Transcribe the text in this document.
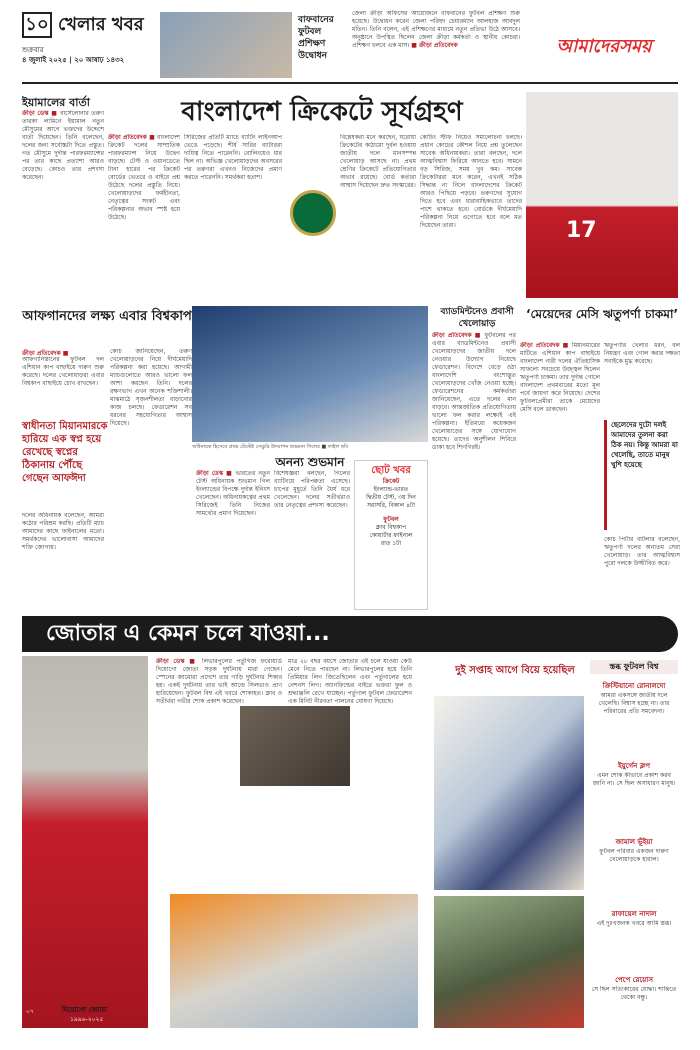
১০ খেলার খবর
শুক্রবার
৪ জুলাই ২০২৫ | ২০ আষাঢ় ১৪৩২
বাফবানের ফুটবল প্রশিক্ষণ উদ্বোধন
জেলা ক্রীড়া অফিসের আয়োজনে বাফবানের ফুটবল প্রশিক্ষণ শুরু হয়েছে। উদ্বোধন করেন জেলা পরিষদ চেয়ারম্যান আলহাজ আবদুল মতিন। তিনি বলেন, এই প্রশিক্ষণের মাধ্যমে নতুন প্রতিভা উঠে আসবে। অনুষ্ঠানে উপস্থিত ছিলেন জেলা ক্রীড়া কর্মকর্তা ও স্থানীয় কোচরা। প্রশিক্ষণ চলবে এক মাস। ■ ক্রীড়া প্রতিবেদক	আমাদেরসময়
ইয়ামালের বার্তা
ক্রীড়া ডেস্ক ■ বার্সেলোনার তরুণ তারকা লামিনে ইয়ামাল নতুন মৌসুমের আগে ভক্তদের উদ্দেশে বার্তা দিয়েছেন। তিনি বলেছেন, দলের জন্য সর্বোচ্চটা দিতে প্রস্তুত। গত মৌসুমে দুর্দান্ত পারফরম্যান্সের পর তার কাছে প্রত্যাশা আরও বেড়েছে। কোচও তার প্রশংসা করেছেন।
বাংলাদেশ ক্রিকেটে সূর্যগ্রহণ
ক্রীড়া প্রতিবেদক ■ বাংলাদেশ ক্রিকেট দলের সাম্প্রতিক পারফরম্যান্স নিয়ে উদ্বেগ বাড়ছে। টেস্ট ও ওয়ানডেতে টানা হারের পর ক্রিকেট বোর্ডের ভেতরে ও বাইরে প্রশ্ন উঠেছে দলের প্রস্তুতি নিয়ে। খেলোয়াড়দের ফর্মহীনতা, নেতৃত্বের সংকট এবং পরিকল্পনার অভাব স্পষ্ট হয়ে উঠেছে।
সিরিজের প্রতিটি ম্যাচে ব্যাটিং লাইনআপ ভেঙে পড়েছে। শীর্ষ সারির ব্যাটাররা দায়িত্ব নিতে পারেননি। বোলিংয়েও ধার ছিল না। অভিজ্ঞ খেলোয়াড়দের অবসরের পর তরুণরা এখনও নিজেদের প্রমাণ করতে পারেননি। সমর্থকরা হতাশ।
বিশ্লেষকরা মনে করছেন, ঘরোয়া ক্রিকেটের কাঠামো দুর্বল হওয়ায় জাতীয় দলে মানসম্পন্ন খেলোয়াড় আসছে না। প্রথম শ্রেণির ক্রিকেটে প্রতিযোগিতার অভাব রয়েছে। বোর্ড কর্তারা আশ্বাস দিয়েছেন দ্রুত সংস্কারের।
কোচিং স্টাফ নিয়েও সমালোচনা চলছে। প্রধান কোচের কৌশল নিয়ে প্রশ্ন তুলেছেন সাবেক অধিনায়করা। তারা বলছেন, দলে আত্মবিশ্বাস ফিরিয়ে আনতে হবে। সামনে বড় সিরিজ, সময় খুব কম। সাবেক ক্রিকেটাররা মনে করেন, এখনই সঠিক সিদ্ধান্ত না নিলে বাংলাদেশের ক্রিকেট আরও পিছিয়ে পড়বে। তরুণদের সুযোগ দিতে হবে এবং ধারাবাহিকভাবে তাদের পাশে থাকতে হবে। বোর্ডকে দীর্ঘমেয়াদি পরিকল্পনা নিয়ে এগোতে হবে বলে মত দিয়েছেন তারা।	17
আফগানদের লক্ষ্য এবার বিশ্বকাপ
ক্রীড়া প্রতিবেদক ■
আফগানিস্তানের ফুটবল দল এশিয়ান কাপ বাছাইয়ে দারুণ শুরু করেছে। দলের খেলোয়াড়রা এবার বিশ্বকাপ বাছাইয়ে চোখ রাখছেন।
স্বাধীনতা মিয়ানমারকে হারিয়ে এক স্বপ্ন হয়ে রেখেছে স্বপ্নের ঠিকানায় পৌঁছে গেছেন আফঈদা
দলের অধিনায়ক বলেছেন, আমরা কঠোর পরিশ্রম করছি। প্রতিটি ম্যাচ আমাদের কাছে ফাইনালের মতো। সমর্থকদের ভালোবাসা আমাদের শক্তি জোগায়।
কোচ জানিয়েছেন, তরুণ খেলোয়াড়দের নিয়ে দীর্ঘমেয়াদি পরিকল্পনা করা হয়েছে। আগামী ম্যাচগুলোতে আরও ভালো ফল আশা করছেন তিনি। দলের রক্ষণভাগ এখন অনেক শক্তিশালী। মাঝমাঠে সৃজনশীলতা বাড়ানোর কাজ চলছে। ফেডারেশন সব ধরনের সহযোগিতার আশ্বাস দিয়েছে।
অধিনায়ক হিসেবে প্রথম টেস্টেই সেঞ্চুরি উদযাপন শুভমান গিলের ■ ফাইল ছবি
অনন্য শুভমান
ক্রীড়া ডেস্ক ■ ভারতের নতুন টেস্ট অধিনায়ক শুভমান গিল ইংল্যান্ডের বিপক্ষে দুর্দান্ত ইনিংস খেলেছেন। অধিনায়কত্বের প্রথম সিরিজেই তিনি নিজের সামর্থ্যের প্রমাণ দিয়েছেন।
বিশেষজ্ঞরা বলছেন, গিলের ব্যাটিংয়ে পরিপক্বতা এসেছে। চাপের মুহূর্তে তিনি ধৈর্য ধরে খেলেছেন। দলের সতীর্থরাও তার নেতৃত্বের প্রশংসা করেছেন।
ছোট খবর
ক্রিকেট
ইংল্যান্ড-ভারত
দ্বিতীয় টেস্ট, ৩য় দিন
সরাসরি, বিকাল ৪টা
ফুটবল
ক্লাব বিশ্বকাপ
কোয়ার্টার ফাইনাল
রাত ১টা
ব্যাডমিন্টনেও প্রবাসী খেলোয়াড়
ক্রীড়া প্রতিবেদক ■ ফুটবলের পর এবার ব্যাডমিন্টনেও প্রবাসী খেলোয়াড়দের জাতীয় দলে নেওয়ার উদ্যোগ নিয়েছে ফেডারেশন। বিদেশে বেড়ে ওঠা বাংলাদেশি বংশোদ্ভূত খেলোয়াড়দের খোঁজ নেওয়া হচ্ছে। ফেডারেশনের কর্মকর্তারা জানিয়েছেন, এতে দলের মান বাড়বে। আন্তর্জাতিক প্রতিযোগিতায় ভালো ফল করার লক্ষ্যেই এই পরিকল্পনা। ইতিমধ্যে কয়েকজন খেলোয়াড়ের সঙ্গে যোগাযোগ হয়েছে। তাদের অনুশীলন শিবিরে ডাকা হবে শিগগিরই।
‘মেয়েদের মেসি ঋতুপর্ণা চাকমা’
ক্রীড়া প্রতিবেদক ■ মিয়ানমারের মাটিতে এশিয়ান কাপ বাছাইয়ে বাংলাদেশ নারী দলের ঐতিহাসিক সাফল্যে সবচেয়ে উজ্জ্বল ছিলেন ঋতুপর্ণা চাকমা। তার দুর্দান্ত গোলে বাংলাদেশ প্রথমবারের মতো মূল পর্বে জায়গা করে নিয়েছে। দেশের ফুটবলপ্রেমীরা তাকে মেয়েদের মেসি বলে ডাকছেন।
ঋতুপর্ণার খেলার ধরন, বল নিয়ন্ত্রণ এবং গোল করার দক্ষতা সবাইকে মুগ্ধ করেছে।
ছেলেদের দুটো দলই আমাদের তুলনা করা ঠিক নয়। কিন্তু আমরা যা খেলেছি, তাতে মানুষ খুশি হয়েছে
কোচ পিটার বাটলার বলেছেন, ঋতুপর্ণা দলের অন্যতম সেরা খেলোয়াড়। তার আত্মবিশ্বাস পুরো দলকে উজ্জীবিত করে।
জোতার এ কেমন চলে যাওয়া...
০৭	দিয়োগো জোতা
১৯৯৬-২০২৫
ক্রীড়া ডেস্ক ■ লিভারপুলের পর্তুগিজ ফরোয়ার্ড দিয়োগো জোতা সড়ক দুর্ঘটনায় মারা গেছেন। স্পেনের জামোরা প্রদেশে তার গাড়ি দুর্ঘটনার শিকার হয়। একই দুর্ঘটনায় তার ভাই আন্দ্রে সিলভাও প্রাণ হারিয়েছেন। ফুটবল বিশ্ব এই খবরে শোকাহত। ক্লাব ও সতীর্থরা গভীর শোক প্রকাশ করেছেন।
মাত্র ২৮ বছর বয়সে জোতার এই চলে যাওয়া কেউ মেনে নিতে পারছেন না। লিভারপুলের হয়ে তিনি প্রিমিয়ার লিগ জিতেছিলেন এবং পর্তুগালের হয়ে নেশনস লিগ। অ্যানফিল্ডের বাইরে ভক্তরা ফুল ও শ্রদ্ধাঞ্জলি রেখে যাচ্ছেন। পর্তুগাল ফুটবল ফেডারেশন এক মিনিট নীরবতা পালনের ঘোষণা দিয়েছে।
দুই সপ্তাহ আগে বিয়ে হয়েছিল	স্তব্ধ ফুটবল বিশ্ব
ক্রিস্টিয়ানো রোনালদো
আমরা একসঙ্গে জাতীয় দলে খেলেছি। বিশ্বাস হচ্ছে না। তার পরিবারের প্রতি সমবেদনা।
ইয়ুর্গেন ক্লপ
এমন শোক কীভাবে প্রকাশ করব জানি না। সে ছিল অসাধারণ মানুষ।
জামাল ভূঁইয়া
ফুটবল পরিবার একজন দারুণ খেলোয়াড়কে হারাল।
রাফায়েল নাদাল
এই দুঃখজনক খবরে আমি স্তব্ধ।
পেপে রেয়োস
সে ছিল সত্যিকারের যোদ্ধা। শান্তিতে থেকো বন্ধু।
